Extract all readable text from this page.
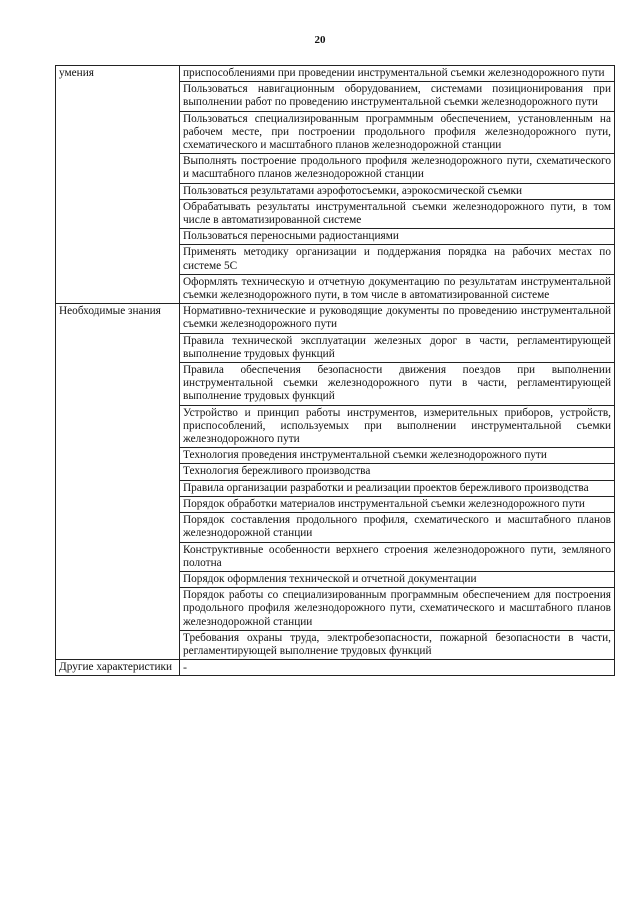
20
умения	приспособлениями при проведении инструментальной съемки железнодорожного пути
	Пользоваться навигационным оборудованием, системами позиционирования при выполнении работ по проведению инструментальной съемки железнодорожного пути
	Пользоваться специализированным программным обеспечением, установленным на рабочем месте, при построении продольного профиля железнодорожного пути, схематического и масштабного планов железнодорожной станции
	Выполнять построение продольного профиля железнодорожного пути, схематического и масштабного планов железнодорожной станции
	Пользоваться результатами аэрофотосъемки, аэрокосмической съемки
	Обрабатывать результаты инструментальной съемки железнодорожного пути, в том числе в автоматизированной системе
	Пользоваться переносными радиостанциями
	Применять методику организации и поддержания порядка на рабочих местах по системе 5С
	Оформлять техническую и отчетную документацию по результатам инструментальной съемки железнодорожного пути, в том числе в автоматизированной системе
Необходимые знания	Нормативно-технические и руководящие документы по проведению инструментальной съемки железнодорожного пути
	Правила технической эксплуатации железных дорог в части, регламентирующей выполнение трудовых функций
	Правила обеспечения безопасности движения поездов при выполнении инструментальной съемки железнодорожного пути в части, регламентирующей выполнение трудовых функций
	Устройство и принцип работы инструментов, измерительных приборов, устройств, приспособлений, используемых при выполнении инструментальной съемки железнодорожного пути
	Технология проведения инструментальной съемки железнодорожного пути
	Технология бережливого производства
	Правила организации разработки и реализации проектов бережливого производства
	Порядок обработки материалов инструментальной съемки железнодорожного пути
	Порядок составления продольного профиля, схематического и масштабного планов железнодорожной станции
	Конструктивные особенности верхнего строения железнодорожного пути, земляного полотна
	Порядок оформления технической и отчетной документации
	Порядок работы со специализированным программным обеспечением для построения продольного профиля железнодорожного пути, схематического и масштабного планов железнодорожной станции
	Требования охраны труда, электробезопасности, пожарной безопасности в части, регламентирующей выполнение трудовых функций
Другие характеристики	-
